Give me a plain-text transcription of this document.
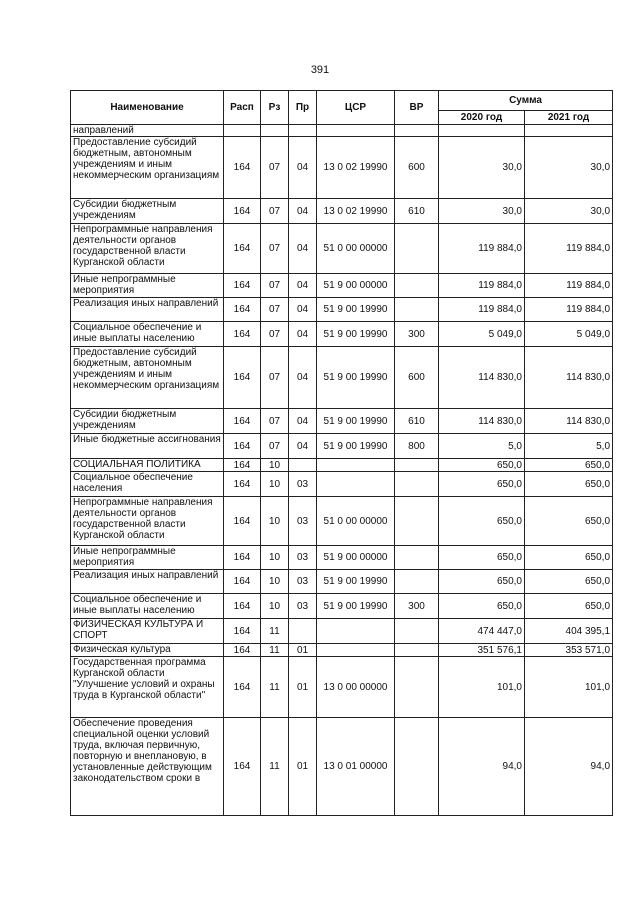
391
Наименование	Расп	Рз	Пр	ЦСР	ВР	Сумма	
						2020 год	2021 год
направлений							
Предоставление субсидий бюджетным, автономным учреждениям и иным некоммерческим организациям	164	07	04	13 0 02 19990	600	30,0	30,0
Субсидии бюджетным учреждениям	164	07	04	13 0 02 19990	610	30,0	30,0
Непрограммные направления деятельности органов государственной власти Курганской области	164	07	04	51 0 00 00000		119 884,0	119 884,0
Иные непрограммные мероприятия	164	07	04	51 9 00 00000		119 884,0	119 884,0
Реализация иных направлений	164	07	04	51 9 00 19990		119 884,0	119 884,0
Социальное обеспечение и иные выплаты населению	164	07	04	51 9 00 19990	300	5 049,0	5 049,0
Предоставление субсидий бюджетным, автономным учреждениям и иным некоммерческим организациям	164	07	04	51 9 00 19990	600	114 830,0	114 830,0
Субсидии бюджетным учреждениям	164	07	04	51 9 00 19990	610	114 830,0	114 830,0
Иные бюджетные ассигнования	164	07	04	51 9 00 19990	800	5,0	5,0
СОЦИАЛЬНАЯ ПОЛИТИКА	164	10				650,0	650,0
Социальное обеспечение населения	164	10	03			650,0	650,0
Непрограммные направления деятельности органов государственной власти Курганской области	164	10	03	51 0 00 00000		650,0	650,0
Иные непрограммные мероприятия	164	10	03	51 9 00 00000		650,0	650,0
Реализация иных направлений	164	10	03	51 9 00 19990		650,0	650,0
Социальное обеспечение и иные выплаты населению	164	10	03	51 9 00 19990	300	650,0	650,0
ФИЗИЧЕСКАЯ КУЛЬТУРА И СПОРТ	164	11				474 447,0	404 395,1
Физическая культура	164	11	01			351 576,1	353 571,0
Государственная программа Курганской области "Улучшение условий и охраны труда в Курганской области"	164	11	01	13 0 00 00000		101,0	101,0
Обеспечение проведения специальной оценки условий труда, включая первичную, повторную и внеплановую, в установленные действующим законодательством сроки в	164	11	01	13 0 01 00000		94,0	94,0
